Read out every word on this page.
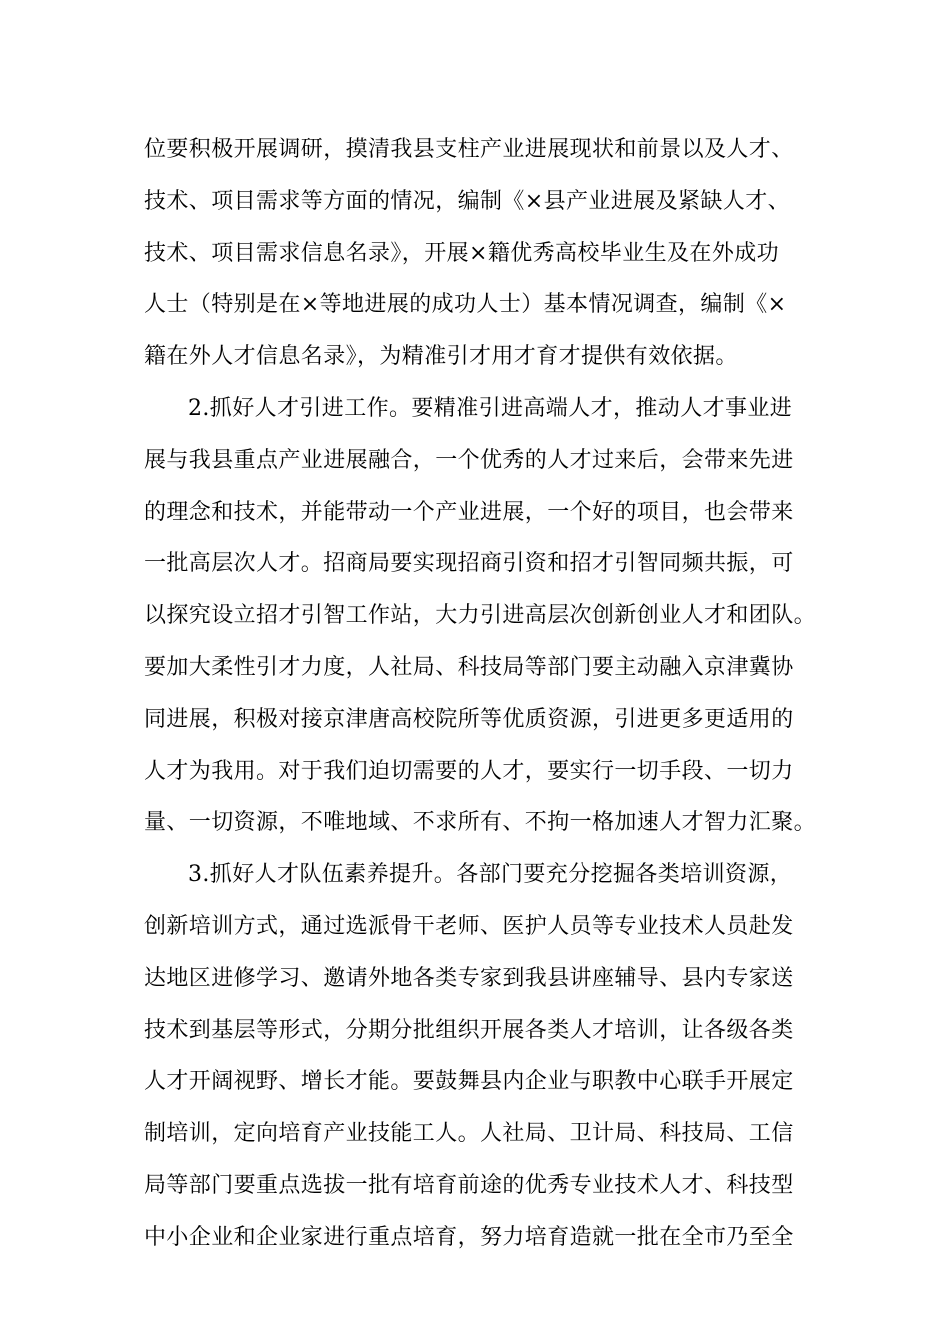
位要积极开展调研，摸清我县支柱产业进展现状和前景以及人才、
技术、项目需求等方面的情况，编制《×县产业进展及紧缺人才、
技术、项目需求信息名录》，开展×籍优秀高校毕业生及在外成功
人士（特别是在×等地进展的成功人士）基本情况调查，编制《×
籍在外人才信息名录》，为精准引才用才育才提供有效依据。
2.抓好人才引进工作。要精准引进高端人才，推动人才事业进
展与我县重点产业进展融合，一个优秀的人才过来后，会带来先进
的理念和技术，并能带动一个产业进展，一个好的项目，也会带来
一批高层次人才。招商局要实现招商引资和招才引智同频共振，可
以探究设立招才引智工作站，大力引进高层次创新创业人才和团队。
要加大柔性引才力度，人社局、科技局等部门要主动融入京津冀协
同进展，积极对接京津唐高校院所等优质资源，引进更多更适用的
人才为我用。对于我们迫切需要的人才，要实行一切手段、一切力
量、一切资源，不唯地域、不求所有、不拘一格加速人才智力汇聚。
3.抓好人才队伍素养提升。各部门要充分挖掘各类培训资源，
创新培训方式，通过选派骨干老师、医护人员等专业技术人员赴发
达地区进修学习、邀请外地各类专家到我县讲座辅导、县内专家送
技术到基层等形式，分期分批组织开展各类人才培训，让各级各类
人才开阔视野、增长才能。要鼓舞县内企业与职教中心联手开展定
制培训，定向培育产业技能工人。人社局、卫计局、科技局、工信
局等部门要重点选拔一批有培育前途的优秀专业技术人才、科技型
中小企业和企业家进行重点培育，努力培育造就一批在全市乃至全
